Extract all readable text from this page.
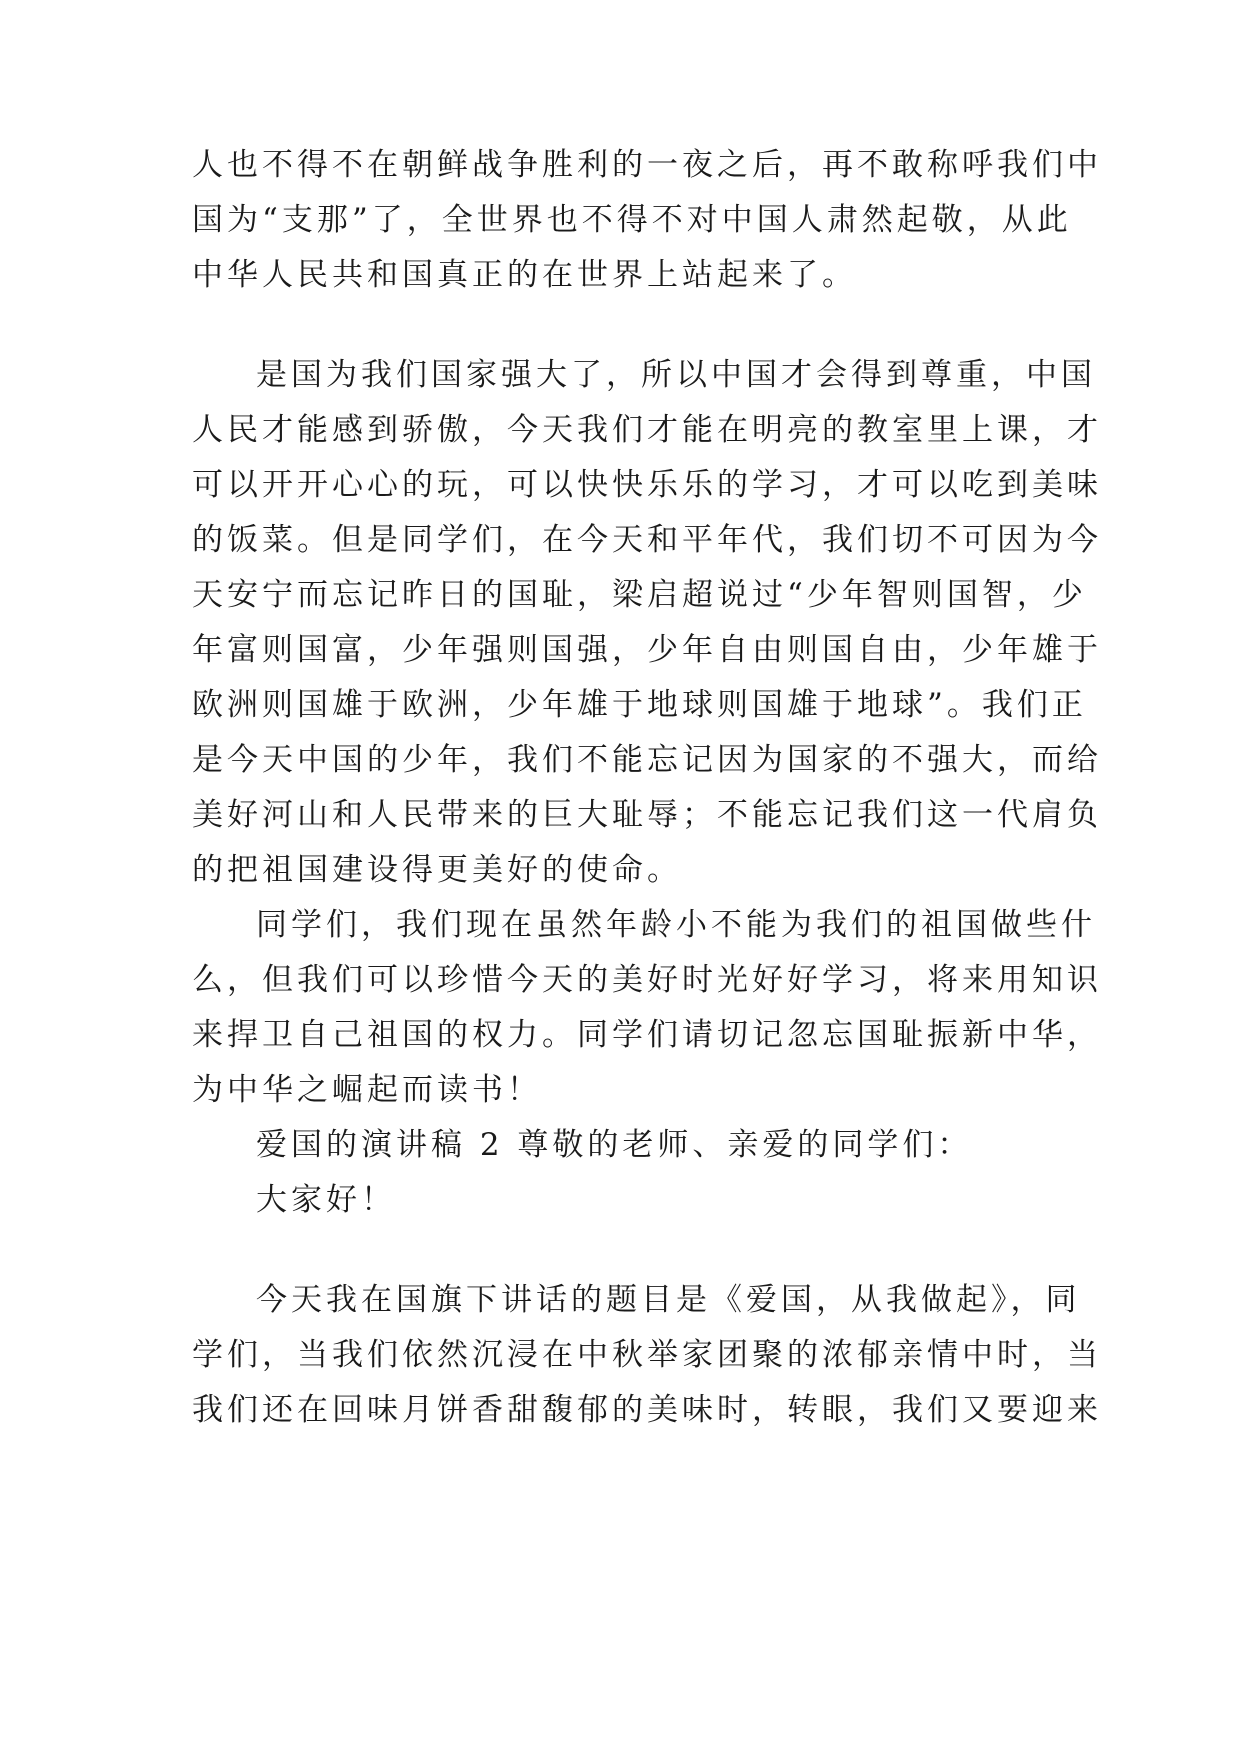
人也不得不在朝鲜战争胜利的一夜之后，再不敢称呼我们中
国为“支那”了，全世界也不得不对中国人肃然起敬，从此
中华人民共和国真正的在世界上站起来了。
是国为我们国家强大了，所以中国才会得到尊重，中国
人民才能感到骄傲，今天我们才能在明亮的教室里上课，才
可以开开心心的玩，可以快快乐乐的学习，才可以吃到美味
的饭菜。但是同学们，在今天和平年代，我们切不可因为今
天安宁而忘记昨日的国耻，梁启超说过“少年智则国智，少
年富则国富，少年强则国强，少年自由则国自由，少年雄于
欧洲则国雄于欧洲，少年雄于地球则国雄于地球”。我们正
是今天中国的少年，我们不能忘记因为国家的不强大，而给
美好河山和人民带来的巨大耻辱；不能忘记我们这一代肩负
的把祖国建设得更美好的使命。
同学们，我们现在虽然年龄小不能为我们的祖国做些什
么，但我们可以珍惜今天的美好时光好好学习，将来用知识
来捍卫自己祖国的权力。同学们请切记忽忘国耻振新中华，
为中华之崛起而读书！
爱国的演讲稿 2 尊敬的老师、亲爱的同学们：
大家好！
今天我在国旗下讲话的题目是《爱国，从我做起》，同
学们，当我们依然沉浸在中秋举家团聚的浓郁亲情中时，当
我们还在回味月饼香甜馥郁的美味时，转眼，我们又要迎来
